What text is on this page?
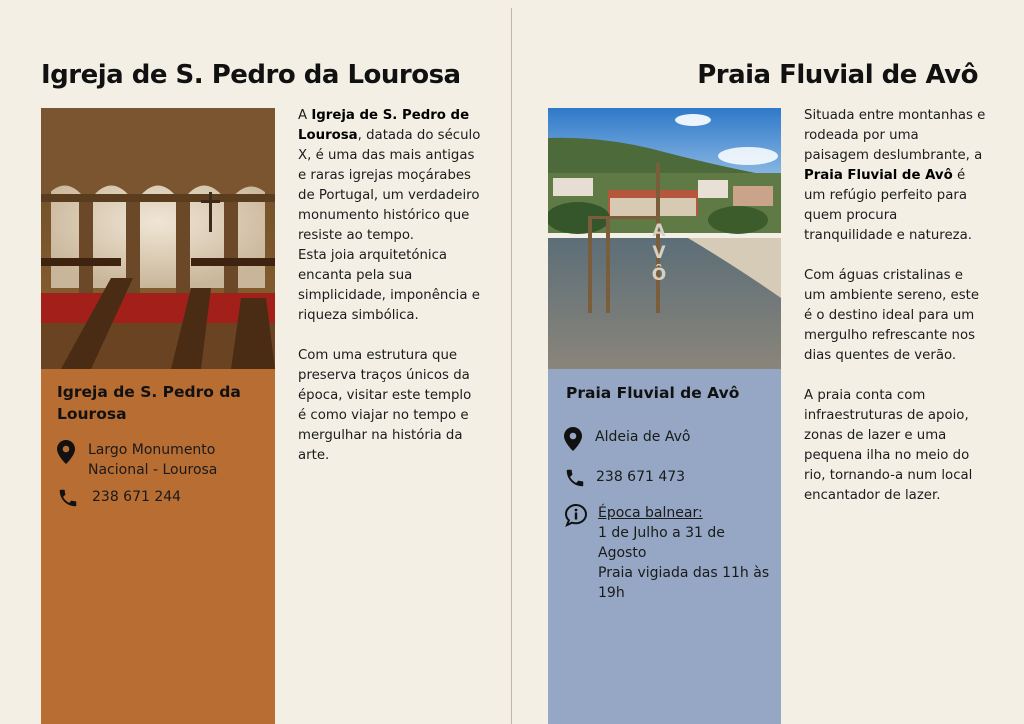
Igreja de S. Pedro da Lourosa
Igreja de S. Pedro da Lourosa
Largo Monumento Nacional - Lourosa
238 671 244

A Igreja de S. Pedro de Lourosa, datada do século X, é uma das mais antigas e raras igrejas moçárabes de Portugal, um verdadeiro monumento histórico que resiste ao tempo.

Esta joia arquitetónica encanta pela sua simplicidade, imponência e riqueza simbólica.

Com uma estrutura que preserva traços únicos da época, visitar este templo é como viajar no tempo e mergulhar na história da arte.

Praia Fluvial de Avô
AVÔ
Praia Fluvial de Avô
Aldeia de Avô
238 671 473
Época balnear:
1 de Julho a 31 de Agosto
Praia vigiada das 11h às 19h

Situada entre montanhas e rodeada por uma paisagem deslumbrante, a Praia Fluvial de Avô é um refúgio perfeito para quem procura tranquilidade e natureza.

Com águas cristalinas e um ambiente sereno, este é o destino ideal para um mergulho refrescante nos dias quentes de verão.

A praia conta com infraestruturas de apoio, zonas de lazer e uma pequena ilha no meio do rio, tornando-a num local encantador de lazer.
